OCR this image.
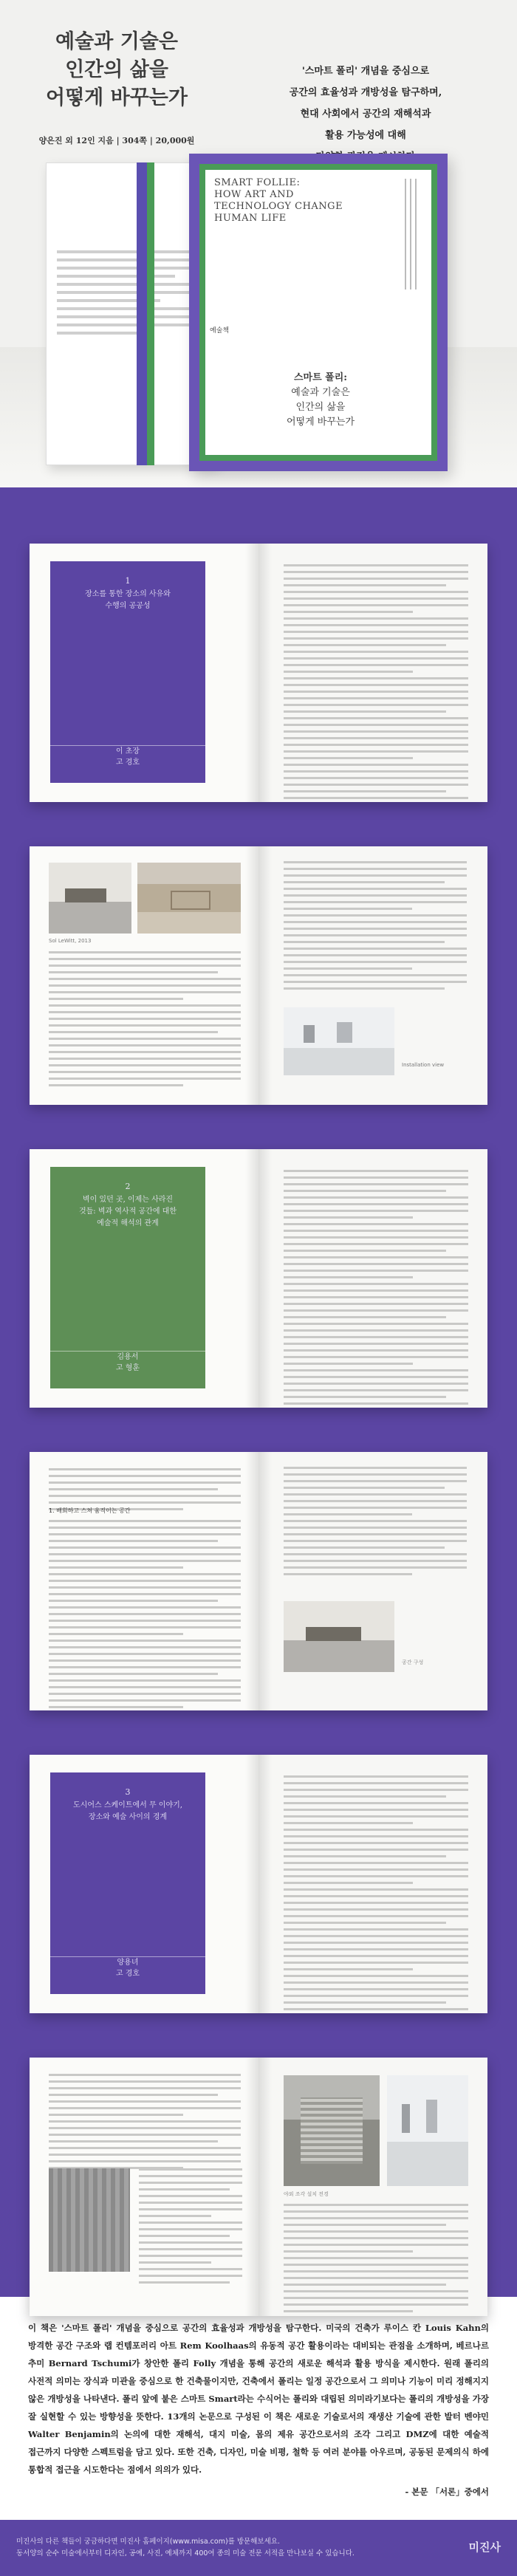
예술과 기술은
인간의 삶을
어떻게 바꾸는가
양은진 외 12인 지음 | 304쪽 | 20,000원
'스마트 폴리' 개념을 중심으로
공간의 효율성과 개방성을 탐구하며,
현대 사회에서 공간의 재해석과
활용 가능성에 대해
SMART FOLLIE:
HOW ART AND
TECHNOLOGY CHANGE
HUMAN LIFE
예술책
스마트 폴리:
예술과 기술은
인간의 삶을
어떻게 바꾸는가
1
장소를 통한 장소의 사유와
수행의 공공성
이 초장
고 경호
Sol LeWitt, 2013
Installation view
2
벽이 있던 곳, 이제는 사라진
것들: 벽과 역사적 공간에 대한
예술적 해석의 관계
김용서
고 형훈
1. 배회하고 스쳐 움직이는 공간
공간 구성
3
도시어스 스케이트에서 무 이야기,
장소와 예술 사이의 경계
양용녀
고 경호
야외 조각 설치 전경

이 책은 '스마트 폴리' 개념을 중심으로 공간의 효율성과 개방성을 탐구한다. 미국의 건축가 루이스 칸 Louis Kahn의 방격한 공간 구조와 랩 컨템포러리 아트 Rem Koolhaas의 유동적 공간 활용이라는 대비되는 관점을 소개하며, 베르나르 추미 Bernard Tschumi가 창안한 폴리 Folly 개념을 통해 공간의 새로운 해석과 활용 방식을 제시한다. 원래 폴리의 사전적 의미는 장식과 미관을 중심으로 한 건축물이지만, 건축에서 폴리는 일정 공간으로서 그 의미나 기능이 미리 정해지지 않은 개방성을 나타낸다. 폴리 앞에 붙은 스마트 Smart라는 수식어는 폴리와 대립된 의미라기보다는 폴리의 개방성을 가장 잘 실현할 수 있는 방향성을 뜻한다. 13개의 논문으로 구성된 이 책은 새로운 기술로서의 재생산 기술에 관한 발터 벤야민 Walter Benjamin의 논의에 대한 재해석, 대지 미술, 몸의 제유 공간으로서의 조각 그리고 DMZ에 대한 예술적 접근까지 다양한 스펙트럼을 담고 있다. 또한 건축, 디자인, 미술 비평, 철학 등 여러 분야를 아우르며, 공동된 문제의식 하에 통합적 접근을 시도한다는 점에서 의의가 있다.

- 본문 「서론」중에서
미진사의 다른 책들이 궁금하다면 미진사 홈페이지(www.misa.com)를 방문해보세요.
동서양의 순수 미술에서부터 디자인, 공예, 사진, 예체까지 400여 종의 미술 전문 서적을 만나보실 수 있습니다.	미진사
